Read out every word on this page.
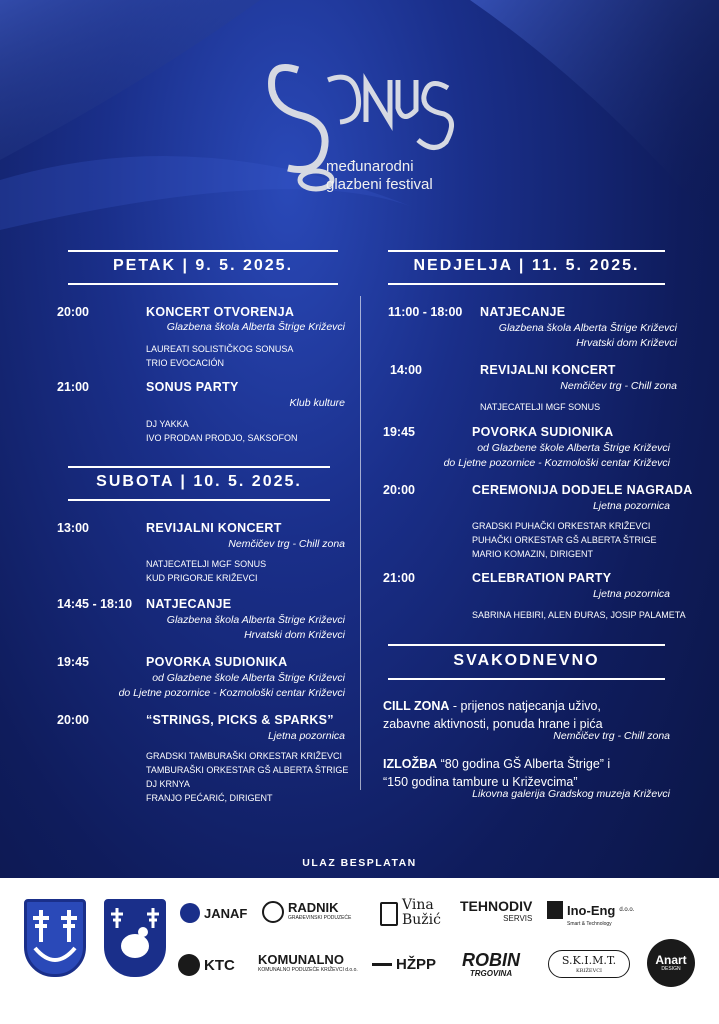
međunarodni
glazbeni festival
PETAK | 9. 5. 2025.
20:00	KONCERT OTVORENJA
Glazbena škola Alberta Štrige Križevci
LAUREATI SOLISTIČKOG SONUSA
TRIO EVOCACIÓN
21:00	SONUS PARTY
Klub kulture
DJ YAKKA
IVO PRODAN PRODJO, SAKSOFON
SUBOTA | 10. 5. 2025.
13:00	REVIJALNI KONCERT
Nemčičev trg - Chill zona
NATJECATELJI MGF SONUS
KUD PRIGORJE KRIŽEVCI
14:45 - 18:10 NATJECANJE
Glazbena škola Alberta Štrige Križevci
Hrvatski dom Križevci
19:45	POVORKA SUDIONIKA
od Glazbene škole Alberta Štrige Križevci
do Ljetne pozornice - Kozmološki centar Križevci
20:00	“STRINGS, PICKS & SPARKS”
Ljetna pozornica
GRADSKI TAMBURAŠKI ORKESTAR KRIŽEVCI
TAMBURAŠKI ORKESTAR GŠ ALBERTA ŠTRIGE
DJ KRNYA
FRANJO PEĆARIĆ, DIRIGENT
NEDJELJA | 11. 5. 2025.
11:00 - 18:00 NATJECANJE
Glazbena škola Alberta Štrige Križevci
Hrvatski dom Križevci
14:00	REVIJALNI KONCERT
Nemčičev trg - Chill zona
NATJECATELJI MGF SONUS
19:45	POVORKA SUDIONIKA
od Glazbene škole Alberta Štrige Križevci
do Ljetne pozornice - Kozmološki centar Križevci
20:00	CEREMONIJA DODJELE NAGRADA
Ljetna pozornica
GRADSKI PUHAČKI ORKESTAR KRIŽEVCI
PUHAČKI ORKESTAR GŠ ALBERTA ŠTRIGE
MARIO KOMAZIN, DIRIGENT
21:00	CELEBRATION PARTY
Ljetna pozornica
SABRINA HEBIRI, ALEN ĐURAS, JOSIP PALAMETA
SVAKODNEVNO
CILL ZONA - prijenos natjecanja uživo,
zabavne aktivnosti, ponuda hrane i pića
Nemčičev trg - Chill zona
IZLOŽBA “80 godina GŠ Alberta Štrige” i
“150 godina tambure u Križevcima”
Likovna galerija Gradskog muzeja Križevci
ULAZ BESPLATAN
JANAF	RADNIK
GRAĐEVINSKI PODUZEĆE
Vina
Bužić
TEHNODIV
SERVIS
Ino-Eng d.o.o.
Smart & Technology
KTC KOMUNALNO
KOMUNALNO PODUZEĆE KRIŽEVCI d.o.o.	HŽPP ROBIN
TRGOVINA
S.K.I.M.T.
KRIŽEVCI
Anart
DESIGN
